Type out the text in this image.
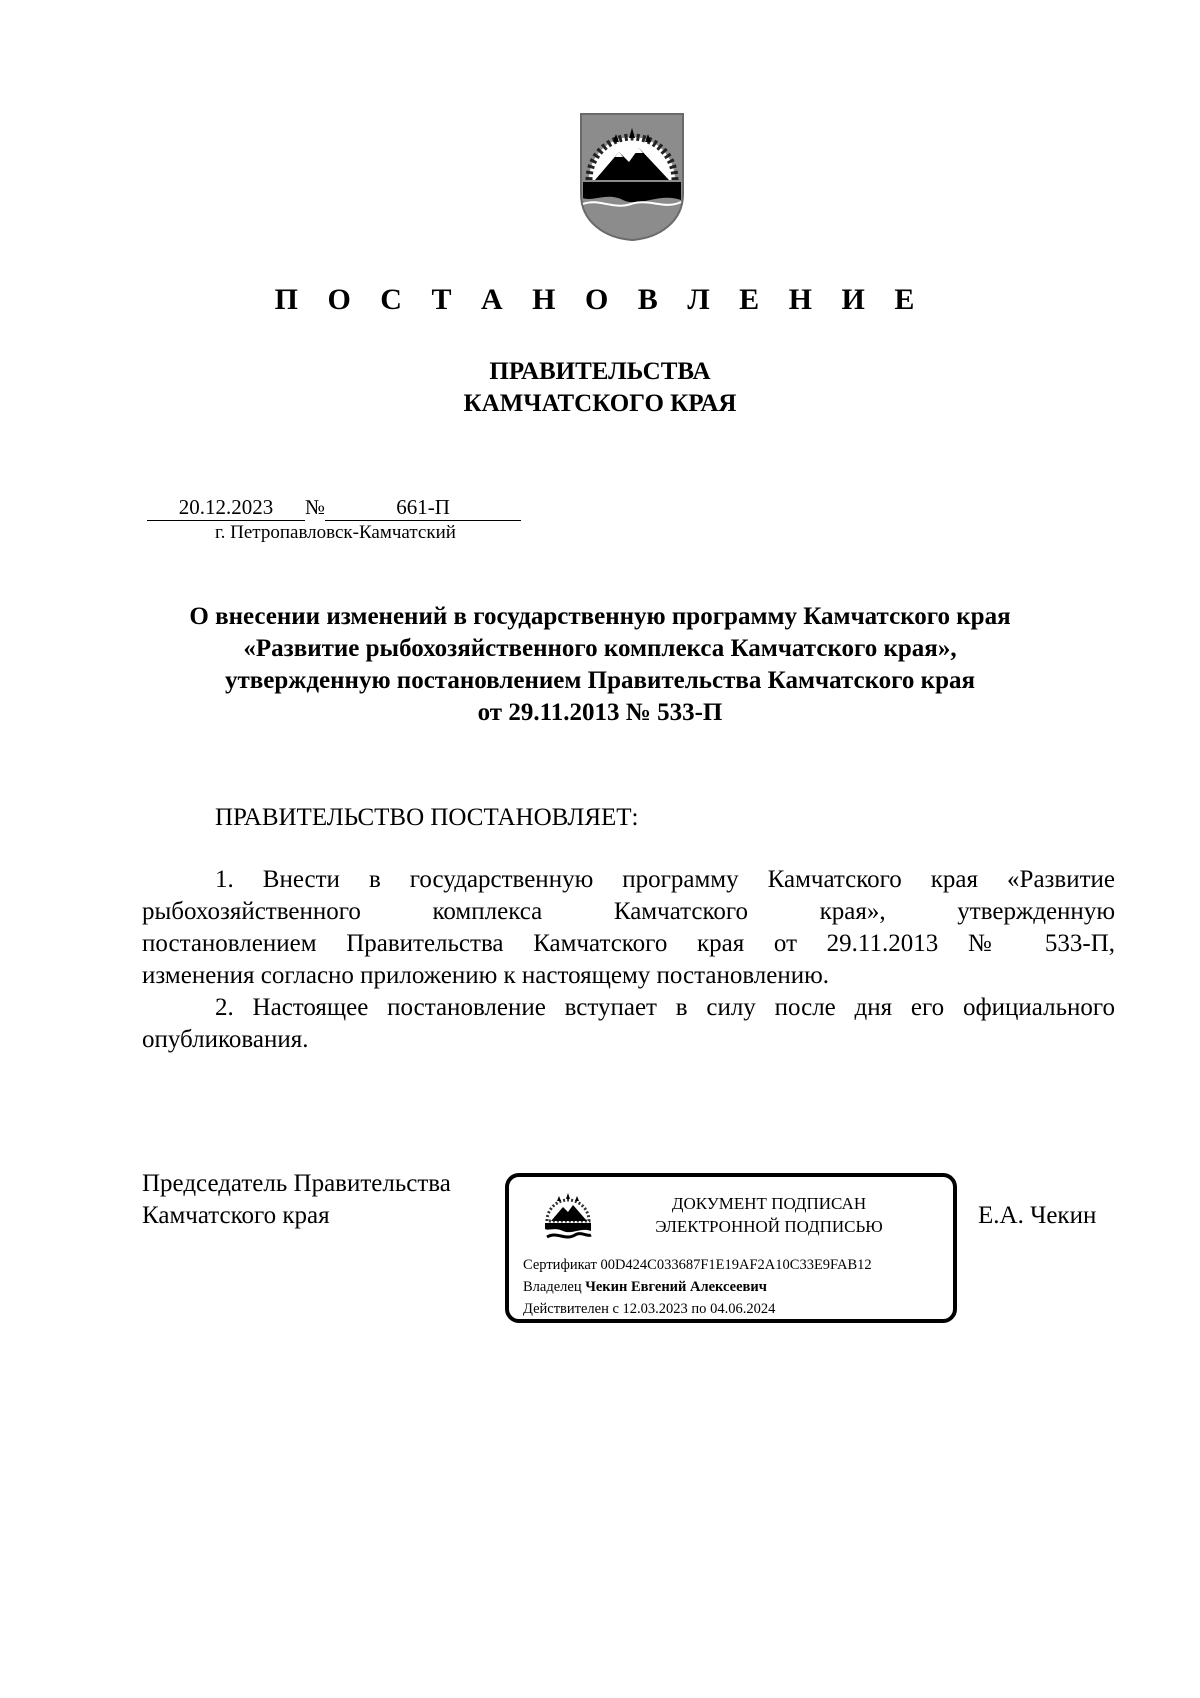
П О С Т А Н О В Л Е Н И Е
ПРАВИТЕЛЬСТВА
КАМЧАТСКОГО КРАЯ
20.12.2023 №	661-П
г. Петропавловск-Камчатский
О внесении изменений в государственную программу Камчатского края
«Развитие рыбохозяйственного комплекса Камчатского края»,
утвержденную постановлением Правительства Камчатского края
от 29.11.2013 № 533-П
ПРАВИТЕЛЬСТВО ПОСТАНОВЛЯЕТ:
1. Внести в государственную программу Камчатского края «Развитие
рыбохозяйственного комплекса Камчатского края», утвержденную
постановлением Правительства Камчатского края от 29.11.2013 № 533-П,
изменения согласно приложению к настоящему постановлению.
2. Настоящее постановление вступает в силу после дня его официального
опубликования.
Председатель Правительства
Камчатского края	Е.А. Чекин
ДОКУМЕНТ ПОДПИСАН
ЭЛЕКТРОННОЙ ПОДПИСЬЮ
Сертификат 00D424C033687F1E19AF2A10C33E9FAB12
Владелец Чекин Евгений Алексеевич
Действителен с 12.03.2023 по 04.06.2024
